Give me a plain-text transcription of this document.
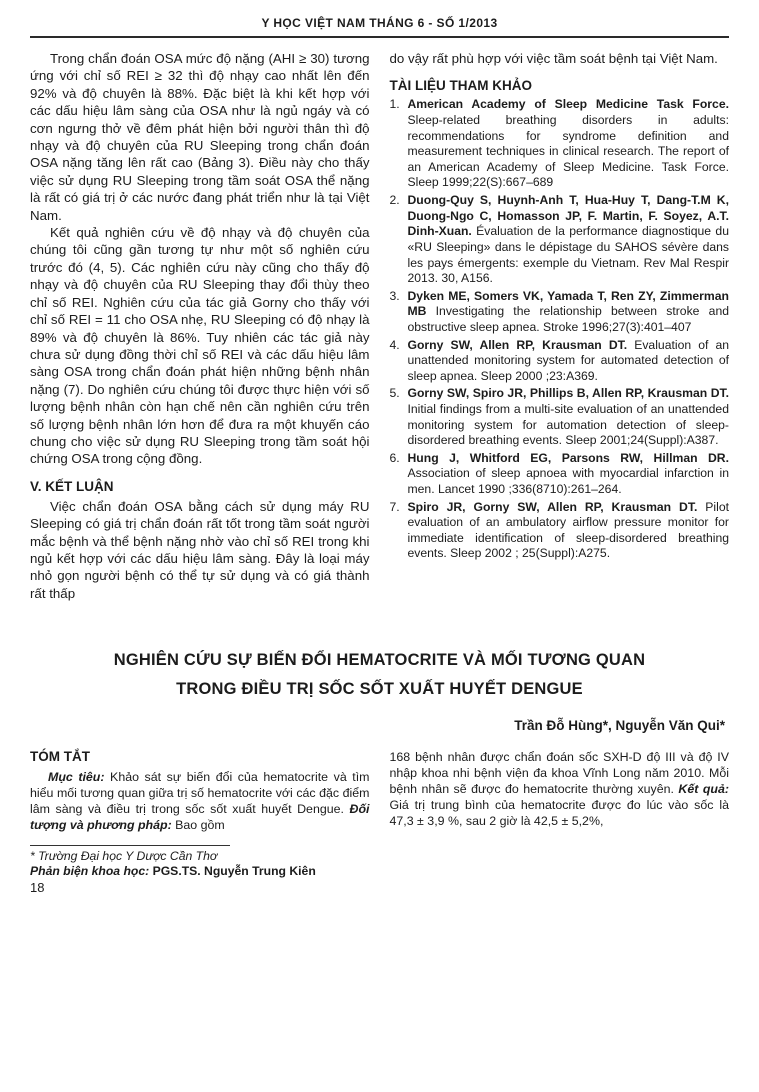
Y HỌC VIỆT NAM THÁNG 6 - SỐ 1/2013

Trong chẩn đoán OSA mức độ nặng (AHI ≥ 30) tương ứng với chỉ số REI ≥ 32 thì độ nhạy cao nhất lên đến 92% và độ chuyên là 88%. Đặc biệt là khi kết hợp với các dấu hiệu lâm sàng của OSA như là ngủ ngáy và có cơn ngưng thở về đêm phát hiện bởi người thân thì độ nhạy và độ chuyên của RU Sleeping trong chẩn đoán OSA nặng tăng lên rất cao (Bảng 3). Điều này cho thấy việc sử dụng RU Sleeping trong tầm soát OSA thể nặng là rất có giá trị ở các nước đang phát triển như là tại Việt Nam.

Kết quả nghiên cứu về độ nhạy và độ chuyên của chúng tôi cũng gần tương tự như một số nghiên cứu trước đó (4, 5). Các nghiên cứu này cũng cho thấy độ nhạy và độ chuyên của RU Sleeping thay đổi thùy theo chỉ số REI. Nghiên cứu của tác giả Gorny cho thấy với chỉ số REI = 11 cho OSA nhẹ, RU Sleeping có độ nhạy là 89% và độ chuyên là 86%. Tuy nhiên các tác giả này chưa sử dụng đồng thời chỉ số REI và các dấu hiệu lâm sàng OSA trong chẩn đoán phát hiện những bệnh nhân nặng (7). Do nghiên cứu chúng tôi được thực hiện với số lượng bệnh nhân còn hạn chế nên cần nghiên cứu trên số lượng bệnh nhân lớn hơn để đưa ra một khuyến cáo chung cho việc sử dụng RU Sleeping trong tầm soát hội chứng OSA trong cộng đồng.

V. KẾT LUẬN

Việc chẩn đoán OSA bằng cách sử dụng máy RU Sleeping có giá trị chẩn đoán rất tốt trong tầm soát người mắc bệnh và thể bệnh nặng nhờ vào chỉ số REI trong khi ngủ kết hợp với các dấu hiệu lâm sàng. Đây là loại máy nhỏ gọn người bệnh có thể tự sử dụng và có giá thành rất thấp

do vậy rất phù hợp với việc tầm soát bệnh tại Việt Nam.

TÀI LIỆU THAM KHẢO
1. American Academy of Sleep Medicine Task Force. Sleep-related breathing disorders in adults: recommendations for syndrome definition and measurement techniques in clinical research. The report of an American Academy of Sleep Medicine. Task Force. Sleep 1999;22(S):667–689
2. Duong-Quy S, Huynh-Anh T, Hua-Huy T, Dang-T.M K, Duong-Ngo C, Homasson JP, F. Martin, F. Soyez, A.T. Dinh-Xuan. Évaluation de la performance diagnostique du «RU Sleeping» dans le dépistage du SAHOS sévère dans les pays émergents: exemple du Vietnam. Rev Mal Respir 2013. 30, A156.
3. Dyken ME, Somers VK, Yamada T, Ren ZY, Zimmerman MB Investigating the relationship between stroke and obstructive sleep apnea. Stroke 1996;27(3):401–407
4. Gorny SW, Allen RP, Krausman DT. Evaluation of an unattended monitoring system for automated detection of sleep apnea. Sleep 2000 ;23:A369.
5. Gorny SW, Spiro JR, Phillips B, Allen RP, Krausman DT. Initial findings from a multi-site evaluation of an unattended monitoring system for automation detection of sleep-disordered breathing events. Sleep 2001;24(Suppl):A387.
6. Hung J, Whitford EG, Parsons RW, Hillman DR. Association of sleep apnoea with myocardial infarction in men. Lancet 1990 ;336(8710):261–264.
7. Spiro JR, Gorny SW, Allen RP, Krausman DT. Pilot evaluation of an ambulatory airflow pressure monitor for immediate identification of sleep-disordered breathing events. Sleep 2002 ; 25(Suppl):A275.
NGHIÊN CỨU SỰ BIẾN ĐỔI HEMATOCRITE VÀ MỐI TƯƠNG QUAN
TRONG ĐIỀU TRỊ SỐC SỐT XUẤT HUYẾT DENGUE
Trần Đỗ Hùng*, Nguyễn Văn Qui*
TÓM TẮT

Mục tiêu: Khảo sát sự biến đổi của hematocrite và tìm hiểu mối tương quan giữa trị số hematocrite với các đặc điểm lâm sàng và điều trị trong sốc sốt xuất huyết Dengue. Đối tượng và phương pháp: Bao gồm

168 bệnh nhân được chẩn đoán sốc SXH-D độ III và độ IV nhập khoa nhi bệnh viện đa khoa Vĩnh Long năm 2010. Mỗi bệnh nhân sẽ được đo hematocrite thường xuyên. Kết quả: Giá trị trung bình của hematocrite được đo lúc vào sốc là 47,3 ± 3,9 %, sau 2 giờ là 42,5 ± 5,2%,

* Trường Đại học Y Dược Cần Thơ
Phản biện khoa học: PGS.TS. Nguyễn Trung Kiên
18
